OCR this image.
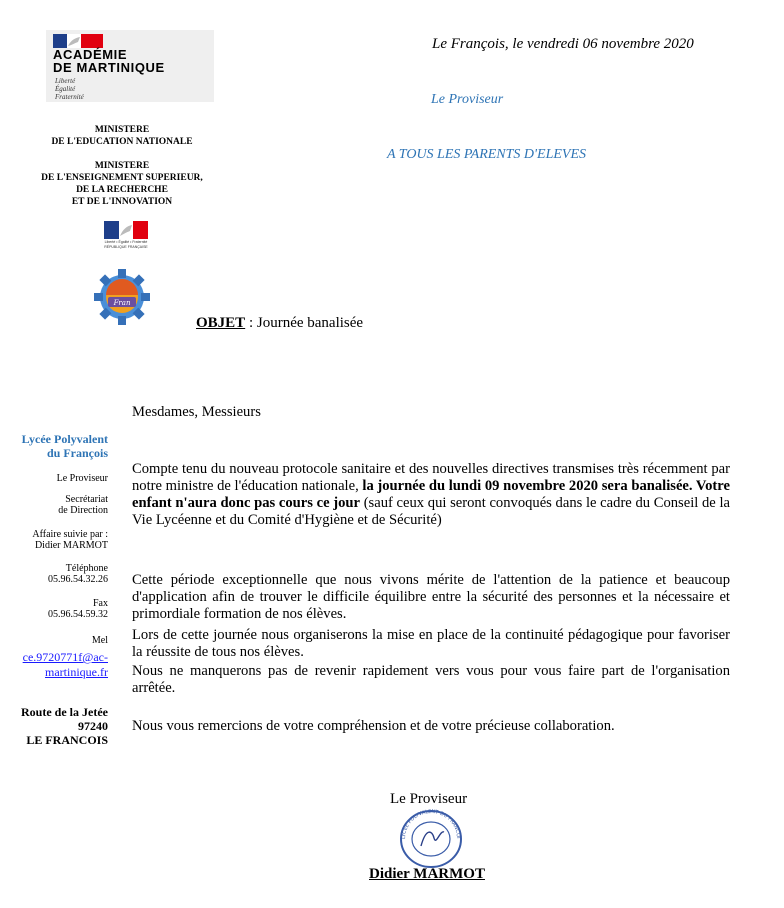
ACADÉMIE
DE MARTINIQUE
Liberté
Égalité
Fraternité
MINISTERE
DE L'EDUCATION NATIONALE
MINISTERE
DE L'ENSEIGNEMENT SUPERIEUR,
DE LA RECHERCHE
ET DE L'INNOVATION
Liberté • Égalité • Fraternité
RÉPUBLIQUE FRANÇAISE
Fran
Le François, le vendredi 06 novembre 2020
Le Proviseur
A TOUS LES PARENTS D'ELEVES
OBJET : Journée banalisée
Lycée Polyvalent
du François
Le Proviseur
Secrétariat
de Direction
Affaire suivie par :
Didier MARMOT
Téléphone
05.96.54.32.26
Fax
05.96.54.59.32
Mel
ce.9720771f@ac-
martinique.fr
Route de la Jetée
97240
LE FRANCOIS
Mesdames, Messieurs
Compte tenu du nouveau protocole sanitaire et des nouvelles directives transmises très récemment par notre ministre de l'éducation nationale, la journée du lundi 09 novembre 2020 sera banalisée. Votre enfant n'aura donc pas cours ce jour (sauf ceux qui seront convoqués dans le cadre du Conseil de la Vie Lycéenne et du Comité d'Hygiène et de Sécurité)
Cette période exceptionnelle que nous vivons mérite de l'attention de la patience et beaucoup d'application afin de trouver le difficile équilibre entre la sécurité des personnes et la nécessaire et primordiale formation de nos élèves.
Lors de cette journée nous organiserons la mise en place de la continuité pédagogique pour favoriser la réussite de tous nos élèves.
Nous ne manquerons pas de revenir rapidement vers vous pour vous faire part de l'organisation arrêtée.
Nous vous remercions de votre compréhension et de votre précieuse collaboration.
Le Proviseur
LYCEE POLYVALENT DU FRANCOI
Didier MARMOT
